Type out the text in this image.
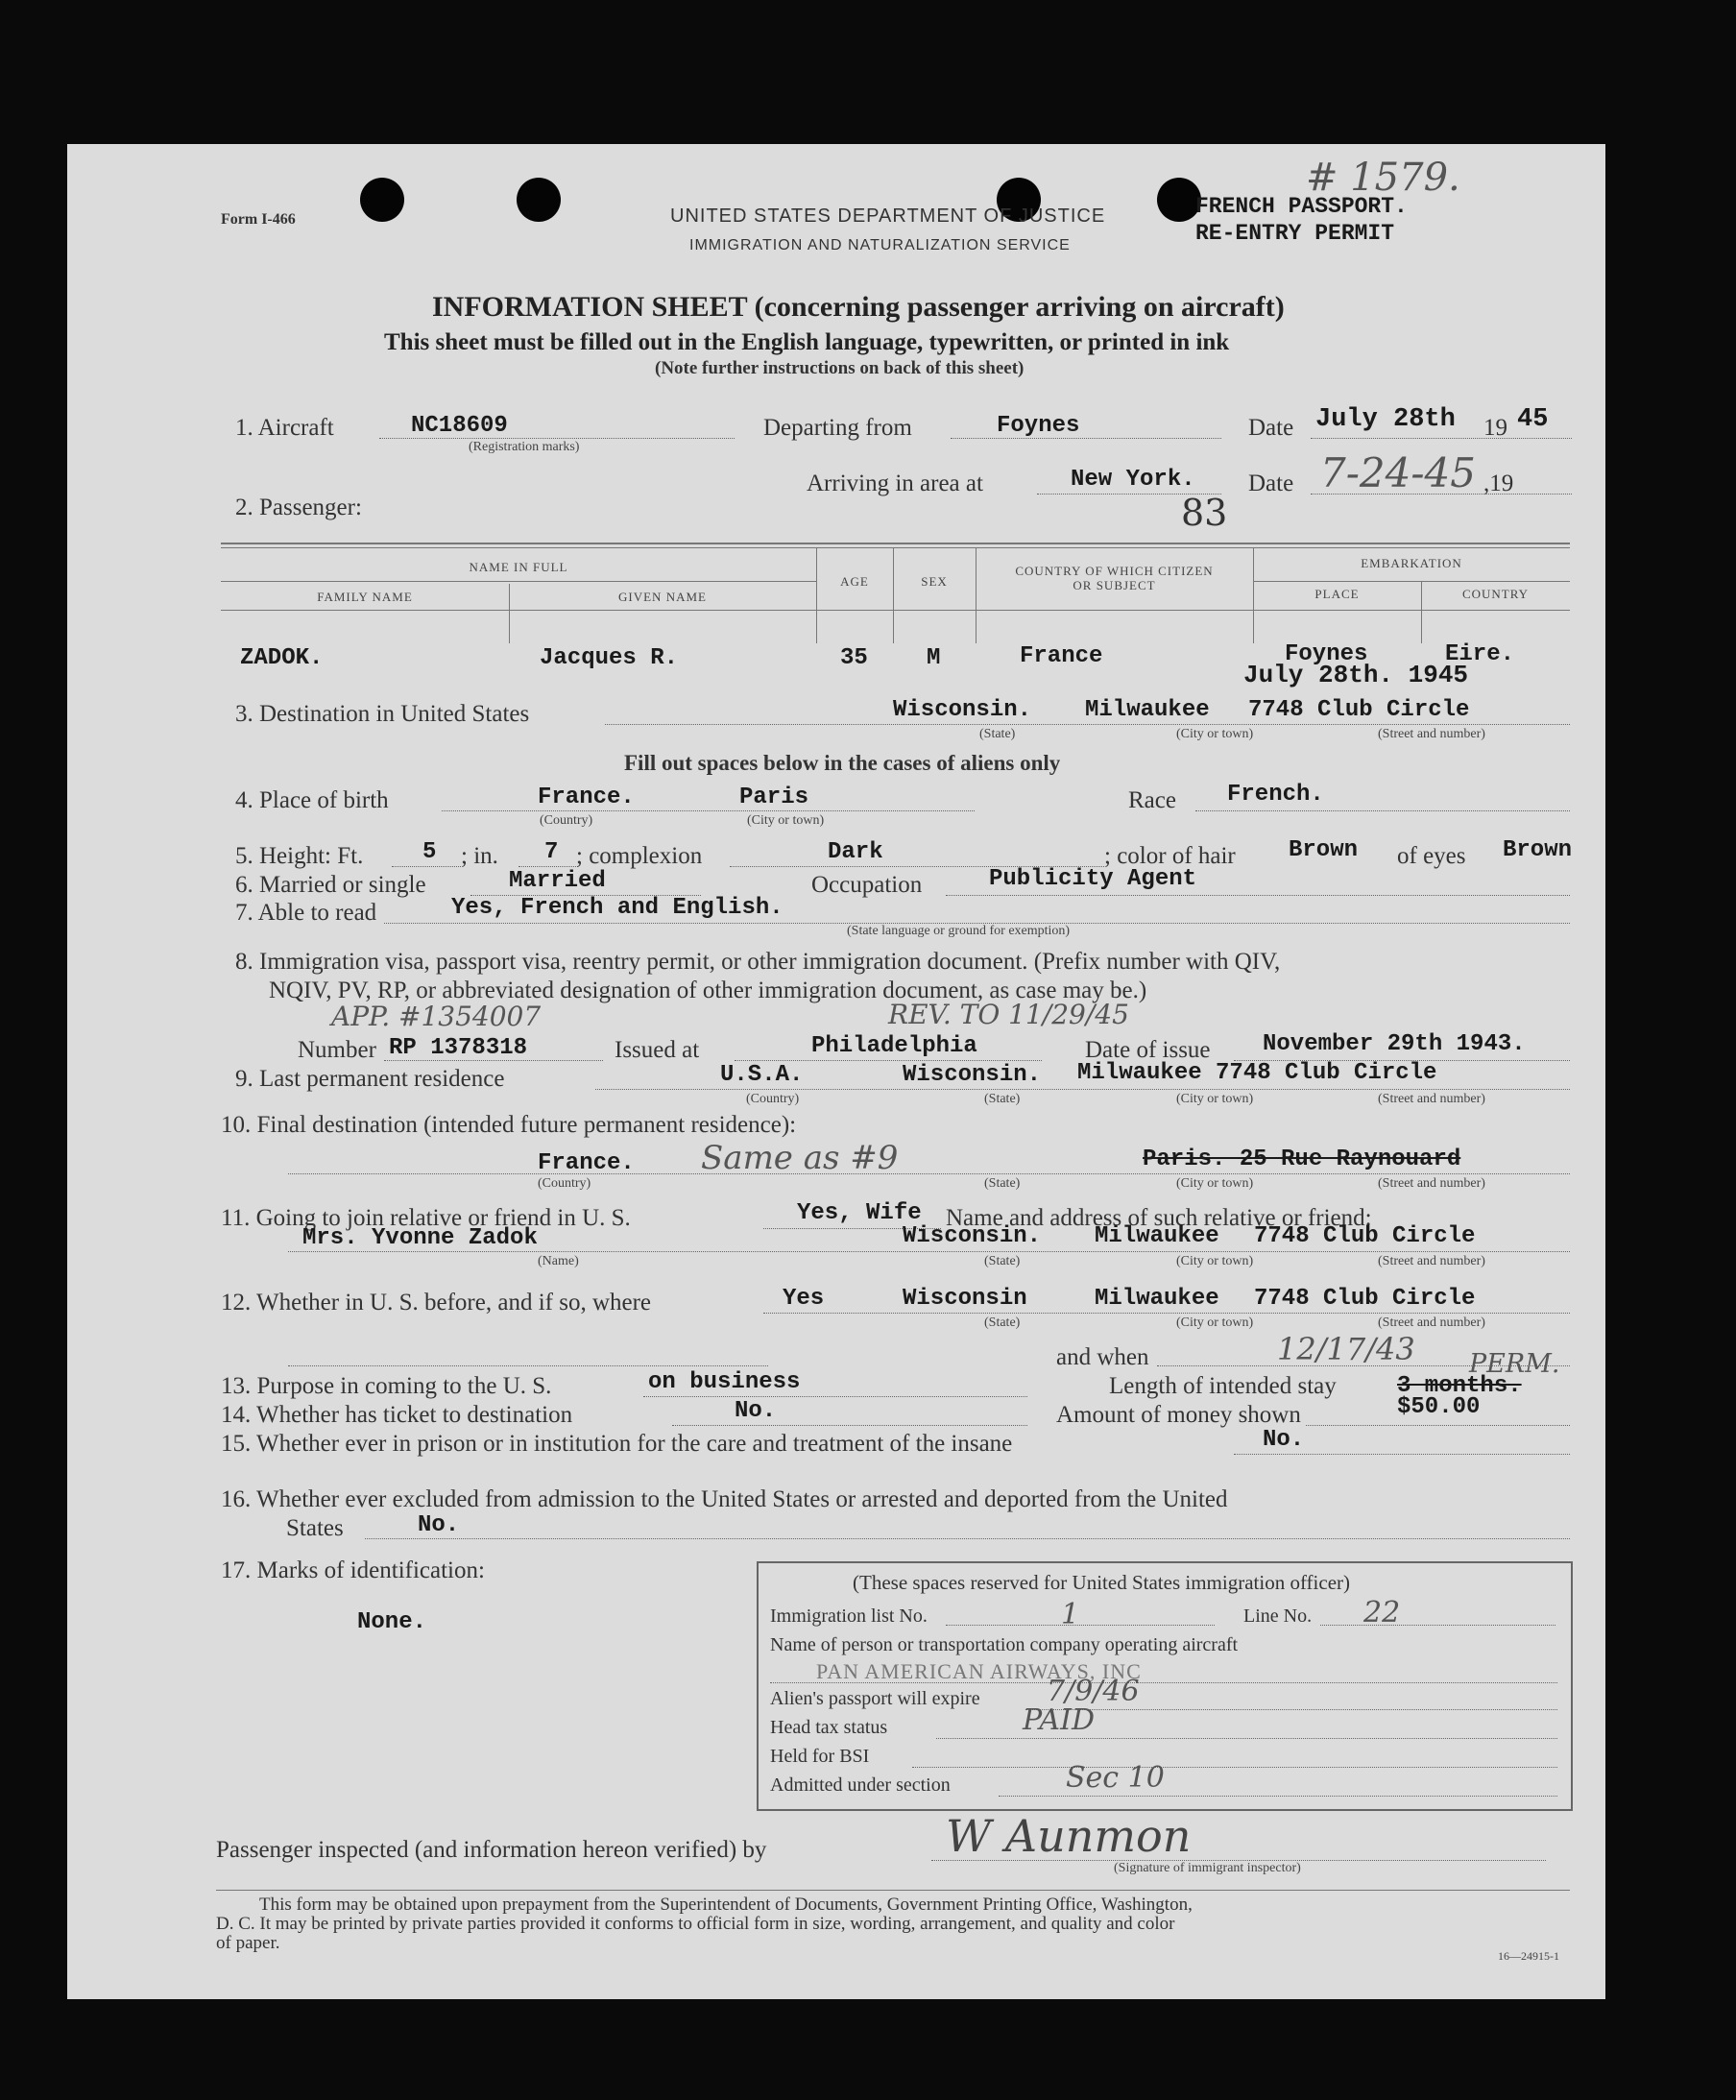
Form I-466	UNITED STATES DEPARTMENT OF JUSTICE
IMMIGRATION AND NATURALIZATION SERVICE
# 1579.
FRENCH PASSPORT.
RE-ENTRY PERMIT
INFORMATION SHEET (concerning passenger arriving on aircraft)
This sheet must be filled out in the English language, typewritten, or printed in ink
(Note further instructions on back of this sheet)
1. Aircraft	NC18609
(Registration marks)
Departing from	Foynes	Date July 28th 19 45
Arriving in area at	New York. Date 7-24-45 ,19
2. Passenger:	83
NAME IN FULL
FAMILY NAME	GIVEN NAME
AGE	SEX
COUNTRY OF WHICH CITIZEN
OR SUBJECT
EMBARKATION
PLACE	COUNTRY
ZADOK.	Jacques R.	35	M	France	Foynes	Eire.
July 28th. 1945
3. Destination in United States	Wisconsin. Milwaukee 7748 Club Circle
(State)	(City or town)	(Street and number)
Fill out spaces below in the cases of aliens only
4. Place of birth	France.	Paris
(Country)	(City or town)
Race French.
5. Height: Ft.	5 ; in. 7 ; complexion	Dark	; color of hair Brown of eyes Brown
6. Married or single	Married	Occupation	Publicity Agent
7. Able to read	Yes, French and English.
(State language or ground for exemption)
8. Immigration visa, passport visa, reentry permit, or other immigration document. (Prefix number with QIV,
NQIV, PV, RP, or abbreviated designation of other immigration document, as case may be.)
APP. #1354007	REV. TO 11/29/45
Number RP 1378318	Issued at	Philadelphia	Date of issue November 29th 1943.
9. Last permanent residence	U.S.A.	Wisconsin. Milwaukee 7748 Club Circle
(Country)	(State)	(City or town)	(Street and number)
10. Final destination (intended future permanent residence):
France. Same as #9	Paris. 25 Rue Raynouard
(Country)	(State)	(City or town)	(Street and number)
11. Going to join relative or friend in U. S.	Yes, Wife Name and address of such relative or friend:
Mrs. Yvonne Zadok	Wisconsin. Milwaukee 7748 Club Circle
(Name)	(State)	(City or town)	(Street and number)
12. Whether in U. S. before, and if so, where	Yes	Wisconsin	Milwaukee 7748 Club Circle
(State)	(City or town)	(Street and number)
and when	12/17/43
13. Purpose in coming to the U. S.	on business	Length of intended stay	3 months.
PERM.
14. Whether has ticket to destination	No.	Amount of money shown	$50.00
15. Whether ever in prison or in institution for the care and treatment of the insane	No.
16. Whether ever excluded from admission to the United States or arrested and deported from the United
States	No.
17. Marks of identification:
None.
(These spaces reserved for United States immigration officer)
Immigration list No.	1	Line No. 22
Name of person or transportation company operating aircraft
PAN AMERICAN AIRWAYS, INC
Alien's passport will expire 7/9/46
Head tax status	PAID
Held for BSI
Admitted under section	Sec 10
Passenger inspected (and information hereon verified) by	W Aunmon
(Signature of immigrant inspector)
This form may be obtained upon prepayment from the Superintendent of Documents, Government Printing Office, Washington,
D. C. It may be printed by private parties provided it conforms to official form in size, wording, arrangement, and quality and color
of paper.
16—24915-1
